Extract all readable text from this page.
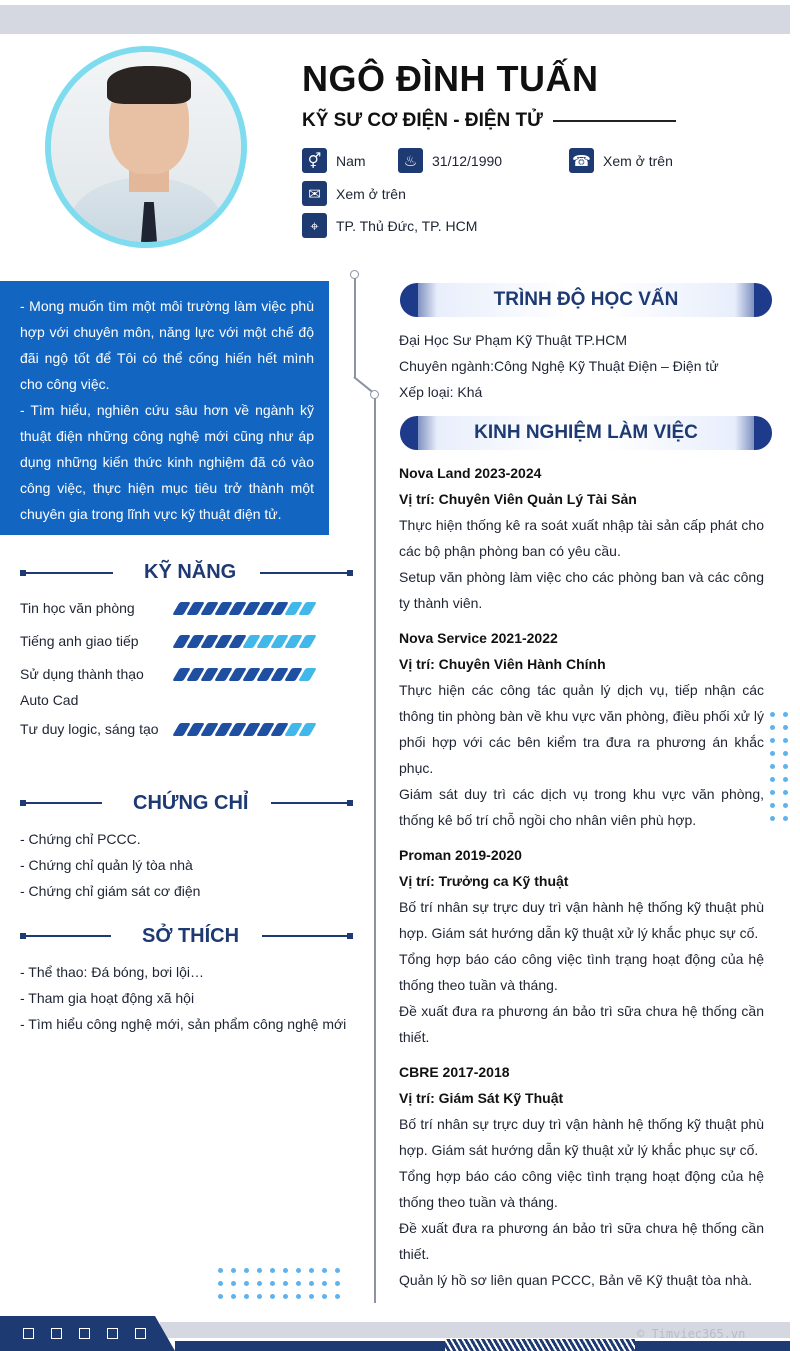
NGÔ ĐÌNH TUẤN
KỸ SƯ CƠ ĐIỆN - ĐIỆN TỬ
⚥	Nam	♨	31/12/1990	☎ Xem ở trên
✉	Xem ở trên
⌖	TP. Thủ Đức, TP. HCM

- Mong muốn tìm một môi trường làm việc phù hợp với chuyên môn, năng lực với một chế độ đãi ngộ tốt để Tôi có thể cống hiến hết mình cho công việc.

- Tìm hiểu, nghiên cứu sâu hơn về ngành kỹ thuật điện những công nghệ mới cũng như áp dụng những kiến thức kinh nghiệm đã có vào công việc, thực hiện mục tiêu trở thành một chuyên gia trong lĩnh vực kỹ thuật điện tử.

KỸ NĂNG
Tin học văn phòng
Tiếng anh giao tiếp
Sử dụng thành thạo Auto Cad
Tư duy logic, sáng tạo
CHỨNG CHỈ
- Chứng chỉ PCCC.
- Chứng chỉ quản lý tòa nhà
- Chứng chỉ giám sát cơ điện
SỞ THÍCH
- Thể thao: Đá bóng, bơi lội…
- Tham gia hoạt động xã hội
- Tìm hiểu công nghệ mới, sản phẩm công nghệ mới
TRÌNH ĐỘ HỌC VẤN
Đại Học Sư Phạm Kỹ Thuật TP.HCM
Chuyên ngành:Công Nghệ Kỹ Thuật Điện – Điện tử
Xếp loại: Khá
KINH NGHIỆM LÀM VIỆC
Nova Land 2023-2024
Vị trí: Chuyên Viên Quản Lý Tài Sản
Thực hiện thống kê ra soát xuất nhập tài sản cấp phát cho các bộ phận phòng ban có yêu cầu.
Setup văn phòng làm việc cho các phòng ban và các công ty thành viên.
Nova Service 2021-2022
Vị trí: Chuyên Viên Hành Chính
Thực hiện các công tác quản lý dịch vụ, tiếp nhận các thông tin phòng bàn về khu vực văn phòng, điều phối xử lý phối hợp với các bên kiểm tra đưa ra phương án khắc phục.
Giám sát duy trì các dịch vụ trong khu vực văn phòng, thống kê bố trí chỗ ngồi cho nhân viên phù hợp.
Proman 2019-2020
Vị trí: Trưởng ca Kỹ thuật
Bố trí nhân sự trực duy trì vận hành hệ thống kỹ thuật phù hợp. Giám sát hướng dẫn kỹ thuật xử lý khắc phục sự cố.
Tổng hợp báo cáo công việc tình trạng hoạt động của hệ thống theo tuần và tháng.
Đề xuất đưa ra phương án bảo trì sữa chưa hệ thống cần thiết.
CBRE 2017-2018
Vị trí: Giám Sát Kỹ Thuật
Bố trí nhân sự trực duy trì vận hành hệ thống kỹ thuật phù hợp. Giám sát hướng dẫn kỹ thuật xử lý khắc phục sự cố.
Tổng hợp báo cáo công việc tình trạng hoạt động của hệ thống theo tuần và tháng.
Đề xuất đưa ra phương án bảo trì sữa chưa hệ thống cần thiết.
Quản lý hồ sơ liên quan PCCC, Bản vẽ Kỹ thuật tòa nhà.
© Timviec365.vn
